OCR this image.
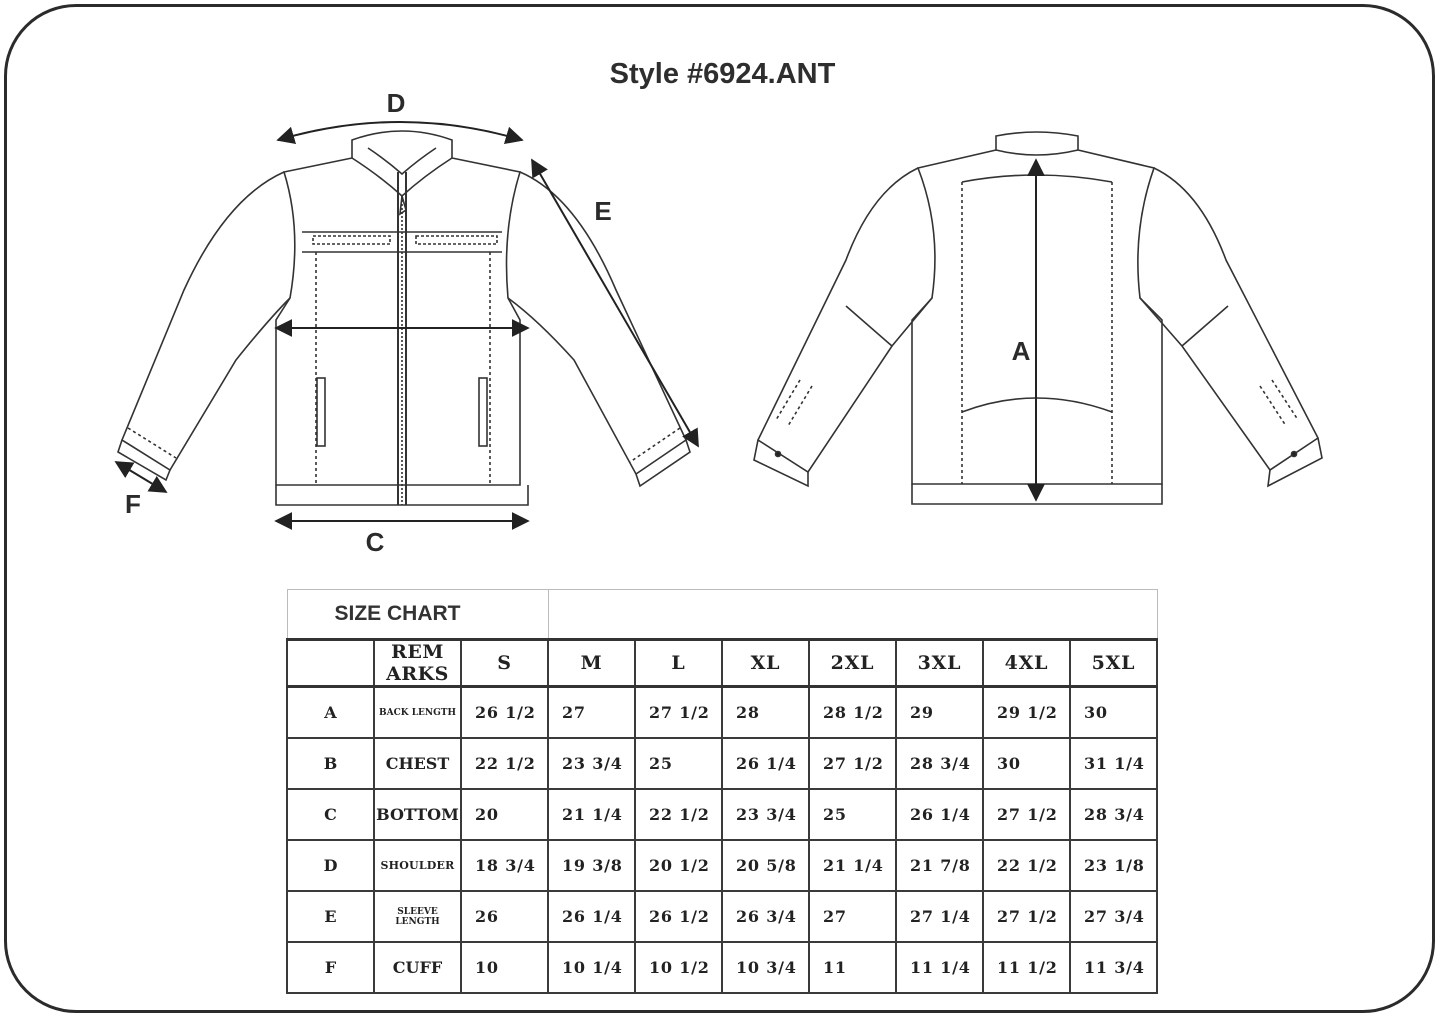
Style #6924.ANT
D
E
C
F
A
SIZE CHART									
	REM ARKS	S	M	L	XL	2XL	3XL	4XL	5XL
A	BACK LENGTH	26 1/2	27	27 1/2	28	28 1/2	29	29 1/2	30
B	CHEST	22 1/2	23 3/4	25	26 1/4	27 1/2	28 3/4	30	31 1/4
C	BOTTOM	20	21 1/4	22 1/2	23 3/4	25	26 1/4	27 1/2	28 3/4
D	SHOULDER	18 3/4	19 3/8	20 1/2	20 5/8	21 1/4	21 7/8	22 1/2	23 1/8
E	SLEEVE LENGTH	26	26 1/4	26 1/2	26 3/4	27	27 1/4	27 1/2	27 3/4
F	CUFF	10	10 1/4	10 1/2	10 3/4	11	11 1/4	11 1/2	11 3/4
